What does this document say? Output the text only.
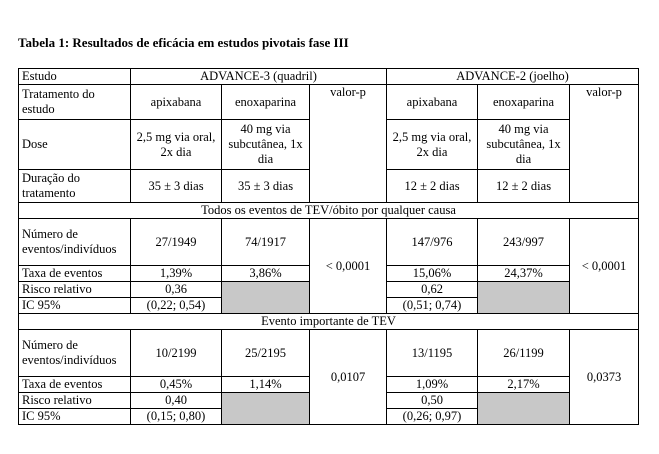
Tabela 1: Resultados de eficácia em estudos pivotais fase III
Estudo	ADVANCE-3 (quadril)			ADVANCE-2 (joelho)		
Tratamento do estudo	apixabana	enoxaparina	valor-p	apixabana	enoxaparina	valor-p
Dose	2,5 mg via oral, 2x dia	40 mg via subcutânea, 1x dia		2,5 mg via oral, 2x dia	40 mg via subcutânea, 1x dia	
Duração do tratamento	35 ± 3 dias	35 ± 3 dias		12 ± 2 dias	12 ± 2 dias	
Todos os eventos de TEV/óbito por qualquer causa						
Número de eventos/indivíduos	27/1949	74/1917	< 0,0001	147/976	243/997	< 0,0001
Taxa de eventos	1,39%	3,86%		15,06%	24,37%	
Risco relativo	0,36			0,62		
IC 95%	(0,22; 0,54)			(0,51; 0,74)		
Evento importante de TEV						
Número de eventos/indivíduos	10/2199	25/2195	0,0107	13/1195	26/1199	0,0373
Taxa de eventos	0,45%	1,14%		1,09%	2,17%	
Risco relativo	0,40			0,50		
IC 95%	(0,15; 0,80)			(0,26; 0,97)		
